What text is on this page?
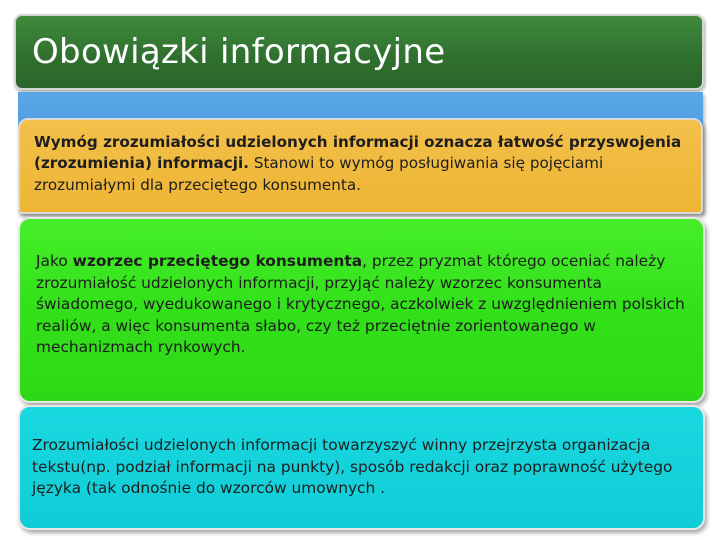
Obowiązki informacyjne
Wymóg zrozumiałości udzielonych informacji oznacza łatwość przyswojenia (zrozumienia) informacji. Stanowi to wymóg posługiwania się pojęciami zrozumiałymi dla przeciętego konsumenta.
Jako wzorzec przeciętego konsumenta, przez pryzmat którego oceniać należy zrozumiałość udzielonych informacji, przyjąć należy wzorzec konsumenta świadomego, wyedukowanego i krytycznego, aczkolwiek z uwzględnieniem polskich realiów, a więc konsumenta słabo, czy też przeciętnie zorientowanego w mechanizmach rynkowych.
Zrozumiałości udzielonych informacji towarzyszyć winny przejrzysta organizacja tekstu(np. podział informacji na punkty), sposób redakcji oraz poprawność użytego języka (tak odnośnie do wzorców umownych .
